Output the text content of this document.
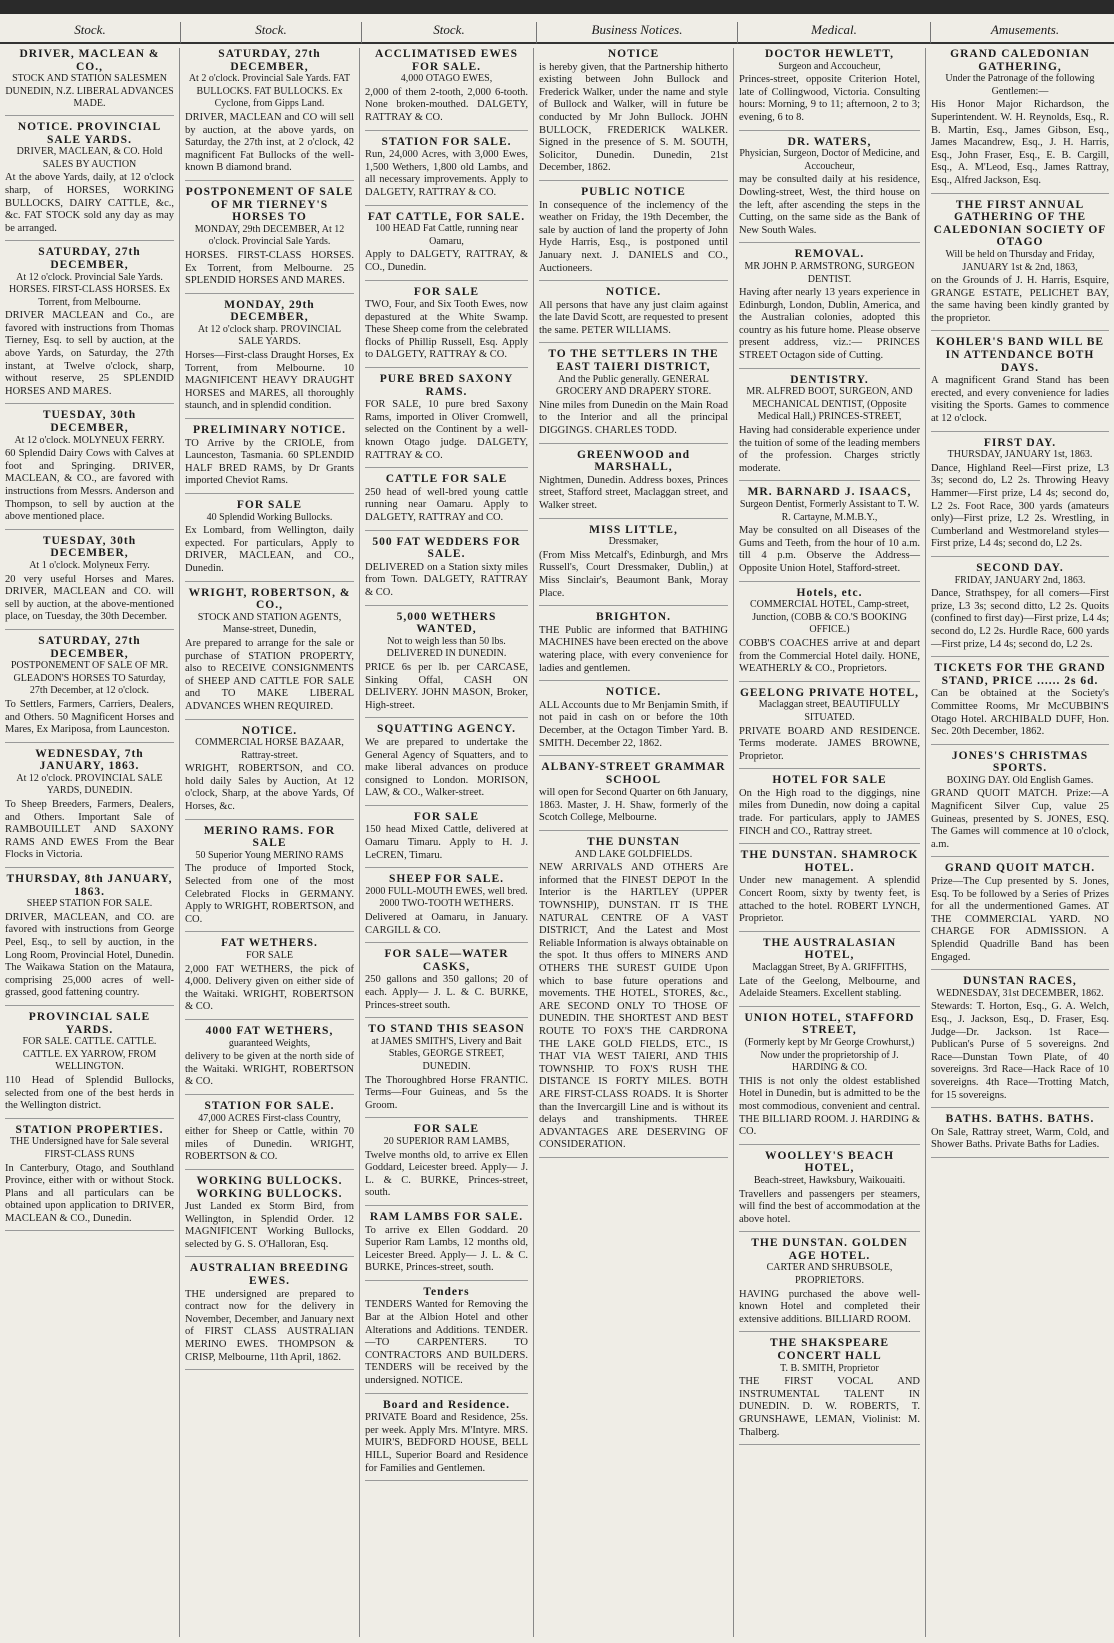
Stock.	Stock.	Stock.	Business Notices.	Medical.	Amusements.
DRIVER, MACLEAN & CO.,
STOCK AND STATION SALESMEN DUNEDIN, N.Z. LIBERAL ADVANCES MADE.
NOTICE. PROVINCIAL SALE YARDS.
DRIVER, MACLEAN, & CO. Hold SALES BY AUCTION

At the above Yards, daily, at 12 o'clock sharp, of HORSES, WORKING BULLOCKS, DAIRY CATTLE, &c., &c. FAT STOCK sold any day as may be arranged.

SATURDAY, 27th DECEMBER,
At 12 o'clock. Provincial Sale Yards. HORSES. FIRST-CLASS HORSES. Ex Torrent, from Melbourne.

DRIVER MACLEAN and Co., are favored with instructions from Thomas Tierney, Esq. to sell by auction, at the above Yards, on Saturday, the 27th instant, at Twelve o'clock, sharp, without reserve, 25 SPLENDID HORSES AND MARES.

TUESDAY, 30th DECEMBER,
At 12 o'clock. MOLYNEUX FERRY.

60 Splendid Dairy Cows with Calves at foot and Springing. DRIVER, MACLEAN, & CO., are favored with instructions from Messrs. Anderson and Thompson, to sell by auction at the above mentioned place.

TUESDAY, 30th DECEMBER,
At 1 o'clock. Molyneux Ferry.

20 very useful Horses and Mares. DRIVER, MACLEAN and CO. will sell by auction, at the above-mentioned place, on Tuesday, the 30th December.

SATURDAY, 27th DECEMBER,
POSTPONEMENT OF SALE OF MR. GLEADON'S HORSES TO Saturday, 27th December, at 12 o'clock.

To Settlers, Farmers, Carriers, Dealers, and Others. 50 Magnificent Horses and Mares, Ex Mariposa, from Launceston.

WEDNESDAY, 7th JANUARY, 1863.
At 12 o'clock. PROVINCIAL SALE YARDS, DUNEDIN.

To Sheep Breeders, Farmers, Dealers, and Others. Important Sale of RAMBOUILLET AND SAXONY RAMS AND EWES From the Bear Flocks in Victoria.

THURSDAY, 8th JANUARY, 1863.
SHEEP STATION FOR SALE.

DRIVER, MACLEAN, and CO. are favored with instructions from George Peel, Esq., to sell by auction, in the Long Room, Provincial Hotel, Dunedin. The Waikawa Station on the Mataura, comprising 25,000 acres of well-grassed, good fattening country.

PROVINCIAL SALE YARDS.
FOR SALE. CATTLE. CATTLE. CATTLE. EX YARROW, FROM WELLINGTON.

110 Head of Splendid Bullocks, selected from one of the best herds in the Wellington district.

STATION PROPERTIES.
THE Undersigned have for Sale several FIRST-CLASS RUNS

In Canterbury, Otago, and Southland Province, either with or without Stock. Plans and all particulars can be obtained upon application to DRIVER, MACLEAN & CO., Dunedin.

SATURDAY, 27th DECEMBER,
At 2 o'clock. Provincial Sale Yards. FAT BULLOCKS. FAT BULLOCKS. Ex Cyclone, from Gipps Land.

DRIVER, MACLEAN and CO will sell by auction, at the above yards, on Saturday, the 27th inst, at 2 o'clock, 42 magnificent Fat Bullocks of the well-known B diamond brand.

POSTPONEMENT OF SALE OF MR TIERNEY'S HORSES TO
MONDAY, 29th DECEMBER, At 12 o'clock. Provincial Sale Yards.

HORSES. FIRST-CLASS HORSES. Ex Torrent, from Melbourne. 25 SPLENDID HORSES AND MARES.

MONDAY, 29th DECEMBER,
At 12 o'clock sharp. PROVINCIAL SALE YARDS.

Horses—First-class Draught Horses, Ex Torrent, from Melbourne. 10 MAGNIFICENT HEAVY DRAUGHT HORSES and MARES, all thoroughly staunch, and in splendid condition.

PRELIMINARY NOTICE.

TO Arrive by the CRIOLE, from Launceston, Tasmania. 60 SPLENDID HALF BRED RAMS, by Dr Grants imported Cheviot Rams.

FOR SALE
40 Splendid Working Bullocks.

Ex Lombard, from Wellington, daily expected. For particulars, Apply to DRIVER, MACLEAN, and CO., Dunedin.

WRIGHT, ROBERTSON, & CO.,
STOCK AND STATION AGENTS, Manse-street, Dunedin,

Are prepared to arrange for the sale or purchase of STATION PROPERTY, also to RECEIVE CONSIGNMENTS of SHEEP AND CATTLE FOR SALE and TO MAKE LIBERAL ADVANCES WHEN REQUIRED.

NOTICE.
COMMERCIAL HORSE BAZAAR, Rattray-street.

WRIGHT, ROBERTSON, and CO. hold daily Sales by Auction, At 12 o'clock, Sharp, at the above Yards, Of Horses, &c.

MERINO RAMS. FOR SALE
50 Superior Young MERINO RAMS

The produce of Imported Stock, Selected from one of the most Celebrated Flocks in GERMANY. Apply to WRIGHT, ROBERTSON, and CO.

FAT WETHERS.
FOR SALE

2,000 FAT WETHERS, the pick of 4,000. Delivery given on either side of the Waitaki. WRIGHT, ROBERTSON & CO.

4000 FAT WETHERS,
guaranteed Weights,

delivery to be given at the north side of the Waitaki. WRIGHT, ROBERTSON & CO.

STATION FOR SALE.
47,000 ACRES First-class Country,

either for Sheep or Cattle, within 70 miles of Dunedin. WRIGHT, ROBERTSON & CO.

WORKING BULLOCKS. WORKING BULLOCKS.

Just Landed ex Storm Bird, from Wellington, in Splendid Order. 12 MAGNIFICENT Working Bullocks, selected by G. S. O'Halloran, Esq.

AUSTRALIAN BREEDING EWES.

THE undersigned are prepared to contract now for the delivery in November, December, and January next of FIRST CLASS AUSTRALIAN MERINO EWES. THOMPSON & CRISP, Melbourne, 11th April, 1862.

ACCLIMATISED EWES FOR SALE.
4,000 OTAGO EWES,

2,000 of them 2-tooth, 2,000 6-tooth. None broken-mouthed. DALGETY, RATTRAY & CO.

STATION FOR SALE.

Run, 24,000 Acres, with 3,000 Ewes, 1,500 Wethers, 1,800 old Lambs, and all necessary improvements. Apply to DALGETY, RATTRAY & CO.

FAT CATTLE, FOR SALE.
100 HEAD Fat Cattle, running near Oamaru,

Apply to DALGETY, RATTRAY, & CO., Dunedin.

FOR SALE

TWO, Four, and Six Tooth Ewes, now depastured at the White Swamp. These Sheep come from the celebrated flocks of Phillip Russell, Esq. Apply to DALGETY, RATTRAY & CO.

PURE BRED SAXONY RAMS.

FOR SALE, 10 pure bred Saxony Rams, imported in Oliver Cromwell, selected on the Continent by a well-known Otago judge. DALGETY, RATTRAY & CO.

CATTLE FOR SALE

250 head of well-bred young cattle running near Oamaru. Apply to DALGETY, RATTRAY and CO.

500 FAT WEDDERS FOR SALE.

DELIVERED on a Station sixty miles from Town. DALGETY, RATTRAY & CO.

5,000 WETHERS WANTED,
Not to weigh less than 50 lbs. DELIVERED IN DUNEDIN.

PRICE 6s per lb. per CARCASE, Sinking Offal, CASH ON DELIVERY. JOHN MASON, Broker, High-street.

SQUATTING AGENCY.

We are prepared to undertake the General Agency of Squatters, and to make liberal advances on produce consigned to London. MORISON, LAW, & CO., Walker-street.

FOR SALE

150 head Mixed Cattle, delivered at Oamaru Timaru. Apply to H. J. LeCREN, Timaru.

SHEEP FOR SALE.
2000 FULL-MOUTH EWES, well bred. 2000 TWO-TOOTH WETHERS.

Delivered at Oamaru, in January. CARGILL & CO.

FOR SALE—WATER CASKS,

250 gallons and 350 gallons; 20 of each. Apply— J. L. & C. BURKE, Princes-street south.

TO STAND THIS SEASON
at JAMES SMITH'S, Livery and Bait Stables, GEORGE STREET, DUNEDIN.

The Thoroughbred Horse FRANTIC. Terms—Four Guineas, and 5s the Groom.

FOR SALE
20 SUPERIOR RAM LAMBS,

Twelve months old, to arrive ex Ellen Goddard, Leicester breed. Apply— J. L. & C. BURKE, Princes-street, south.

RAM LAMBS FOR SALE.

To arrive ex Ellen Goddard. 20 Superior Ram Lambs, 12 months old, Leicester Breed. Apply— J. L. & C. BURKE, Princes-street, south.

Tenders

TENDERS Wanted for Removing the Bar at the Albion Hotel and other Alterations and Additions. TENDER.—TO CARPENTERS. TO CONTRACTORS AND BUILDERS. TENDERS will be received by the undersigned. NOTICE.

Board and Residence.

PRIVATE Board and Residence, 25s. per week. Apply Mrs. M'Intyre. MRS. MUIR'S, BEDFORD HOUSE, BELL HILL, Superior Board and Residence for Families and Gentlemen.

NOTICE

is hereby given, that the Partnership hitherto existing between John Bullock and Frederick Walker, under the name and style of Bullock and Walker, will in future be conducted by Mr John Bullock. JOHN BULLOCK, FREDERICK WALKER. Signed in the presence of S. M. SOUTH, Solicitor, Dunedin. Dunedin, 21st December, 1862.

PUBLIC NOTICE

In consequence of the inclemency of the weather on Friday, the 19th December, the sale by auction of land the property of John Hyde Harris, Esq., is postponed until January next. J. DANIELS and CO., Auctioneers.

NOTICE.

All persons that have any just claim against the late David Scott, are requested to present the same. PETER WILLIAMS.

TO THE SETTLERS IN THE EAST TAIERI DISTRICT,
And the Public generally. GENERAL GROCERY AND DRAPERY STORE.

Nine miles from Dunedin on the Main Road to the Interior and all the principal DIGGINGS. CHARLES TODD.

GREENWOOD and MARSHALL,

Nightmen, Dunedin. Address boxes, Princes street, Stafford street, Maclaggan street, and Walker street.

MISS LITTLE,
Dressmaker,

(From Miss Metcalf's, Edinburgh, and Mrs Russell's, Court Dressmaker, Dublin,) at Miss Sinclair's, Beaumont Bank, Moray Place.

BRIGHTON.

THE Public are informed that BATHING MACHINES have been erected on the above watering place, with every convenience for ladies and gentlemen.

NOTICE.

ALL Accounts due to Mr Benjamin Smith, if not paid in cash on or before the 10th December, at the Octagon Timber Yard. B. SMITH. December 22, 1862.

ALBANY-STREET GRAMMAR SCHOOL

will open for Second Quarter on 6th January, 1863. Master, J. H. Shaw, formerly of the Scotch College, Melbourne.

THE DUNSTAN
AND LAKE GOLDFIELDS.

NEW ARRIVALS AND OTHERS Are informed that the FINEST DEPOT In the Interior is the HARTLEY (UPPER TOWNSHIP), DUNSTAN. IT IS THE NATURAL CENTRE OF A VAST DISTRICT, And the Latest and Most Reliable Information is always obtainable on the spot. It thus offers to MINERS AND OTHERS THE SUREST GUIDE Upon which to base future operations and movements. THE HOTEL, STORES, &c., ARE SECOND ONLY TO THOSE OF DUNEDIN. THE SHORTEST AND BEST ROUTE TO FOX'S THE CARDRONA THE LAKE GOLD FIELDS, ETC., IS THAT VIA WEST TAIERI, AND THIS TOWNSHIP. TO FOX'S RUSH THE DISTANCE IS FORTY MILES. BOTH ARE FIRST-CLASS ROADS. It is Shorter than the Invercargill Line and is without its delays and transhipments. THREE ADVANTAGES ARE DESERVING OF CONSIDERATION.

DOCTOR HEWLETT,
Surgeon and Accoucheur,

Princes-street, opposite Criterion Hotel, late of Collingwood, Victoria. Consulting hours: Morning, 9 to 11; afternoon, 2 to 3; evening, 6 to 8.

DR. WATERS,
Physician, Surgeon, Doctor of Medicine, and Accoucheur,

may be consulted daily at his residence, Dowling-street, West, the third house on the left, after ascending the steps in the Cutting, on the same side as the Bank of New South Wales.

REMOVAL.
MR JOHN P. ARMSTRONG, SURGEON DENTIST.

Having after nearly 13 years experience in Edinburgh, London, Dublin, America, and the Australian colonies, adopted this country as his future home. Please observe present address, viz.:— PRINCES STREET Octagon side of Cutting.

DENTISTRY.
MR. ALFRED BOOT, SURGEON, AND MECHANICAL DENTIST, (Opposite Medical Hall,) PRINCES-STREET,

Having had considerable experience under the tuition of some of the leading members of the profession. Charges strictly moderate.

MR. BARNARD J. ISAACS,
Surgeon Dentist, Formerly Assistant to T. W. R. Cartayne, M.M.B.Y.,

May be consulted on all Diseases of the Gums and Teeth, from the hour of 10 a.m. till 4 p.m. Observe the Address— Opposite Union Hotel, Stafford-street.

Hotels, etc.
COMMERCIAL HOTEL, Camp-street, Junction, (COBB & CO.'S BOOKING OFFICE.)

COBB'S COACHES arrive at and depart from the Commercial Hotel daily. HONE, WEATHERLY & CO., Proprietors.

GEELONG PRIVATE HOTEL,
Maclaggan street, BEAUTIFULLY SITUATED.

PRIVATE BOARD AND RESIDENCE. Terms moderate. JAMES BROWNE, Proprietor.

HOTEL FOR SALE

On the High road to the diggings, nine miles from Dunedin, now doing a capital trade. For particulars, apply to JAMES FINCH and CO., Rattray street.

THE DUNSTAN. SHAMROCK HOTEL.

Under new management. A splendid Concert Room, sixty by twenty feet, is attached to the hotel. ROBERT LYNCH, Proprietor.

THE AUSTRALASIAN HOTEL,
Maclaggan Street, By A. GRIFFITHS,

Late of the Geelong, Melbourne, and Adelaide Steamers. Excellent stabling.

UNION HOTEL, STAFFORD STREET,
(Formerly kept by Mr George Crowhurst,) Now under the proprietorship of J. HARDING & CO.

THIS is not only the oldest established Hotel in Dunedin, but is admitted to be the most commodious, convenient and central. THE BILLIARD ROOM. J. HARDING & CO.

WOOLLEY'S BEACH HOTEL,
Beach-street, Hawksbury, Waikouaiti.

Travellers and passengers per steamers, will find the best of accommodation at the above hotel.

THE DUNSTAN. GOLDEN AGE HOTEL.
CARTER AND SHRUBSOLE, PROPRIETORS.

HAVING purchased the above well-known Hotel and completed their extensive additions. BILLIARD ROOM.

THE SHAKSPEARE CONCERT HALL
T. B. SMITH, Proprietor

THE FIRST VOCAL AND INSTRUMENTAL TALENT IN DUNEDIN. D. W. ROBERTS, T. GRUNSHAWE, LEMAN, Violinist: M. Thalberg.

GRAND CALEDONIAN GATHERING,
Under the Patronage of the following Gentlemen:—

His Honor Major Richardson, the Superintendent. W. H. Reynolds, Esq., R. B. Martin, Esq., James Gibson, Esq., James Macandrew, Esq., J. H. Harris, Esq., John Fraser, Esq., E. B. Cargill, Esq., A. M'Leod, Esq., James Rattray, Esq., Alfred Jackson, Esq.

THE FIRST ANNUAL GATHERING OF THE CALEDONIAN SOCIETY OF OTAGO
Will be held on Thursday and Friday, JANUARY 1st & 2nd, 1863,

on the Grounds of J. H. Harris, Esquire, GRANGE ESTATE, PELICHET BAY, the same having been kindly granted by the proprietor.

KOHLER'S BAND WILL BE IN ATTENDANCE BOTH DAYS.

A magnificent Grand Stand has been erected, and every convenience for ladies visiting the Sports. Games to commence at 12 o'clock.

FIRST DAY.
THURSDAY, JANUARY 1st, 1863.

Dance, Highland Reel—First prize, L3 3s; second do, L2 2s. Throwing Heavy Hammer—First prize, L4 4s; second do, L2 2s. Foot Race, 300 yards (amateurs only)—First prize, L2 2s. Wrestling, in Cumberland and Westmoreland styles—First prize, L4 4s; second do, L2 2s.

SECOND DAY.
FRIDAY, JANUARY 2nd, 1863.

Dance, Strathspey, for all comers—First prize, L3 3s; second ditto, L2 2s. Quoits (confined to first day)—First prize, L4 4s; second do, L2 2s. Hurdle Race, 600 yards—First prize, L4 4s; second do, L2 2s.

TICKETS FOR THE GRAND STAND, PRICE ...... 2s 6d.

Can be obtained at the Society's Committee Rooms, Mr McCUBBIN'S Otago Hotel. ARCHIBALD DUFF, Hon. Sec. 20th December, 1862.

JONES'S CHRISTMAS SPORTS.
BOXING DAY. Old English Games.

GRAND QUOIT MATCH. Prize:—A Magnificent Silver Cup, value 25 Guineas, presented by S. JONES, ESQ. The Games will commence at 10 o'clock, a.m.

GRAND QUOIT MATCH.

Prize—The Cup presented by S. Jones, Esq. To be followed by a Series of Prizes for all the undermentioned Games. AT THE COMMERCIAL YARD. NO CHARGE FOR ADMISSION. A Splendid Quadrille Band has been Engaged.

DUNSTAN RACES,
WEDNESDAY, 31st DECEMBER, 1862.

Stewards: T. Horton, Esq., G. A. Welch, Esq., J. Jackson, Esq., D. Fraser, Esq. Judge—Dr. Jackson. 1st Race—Publican's Purse of 5 sovereigns. 2nd Race—Dunstan Town Plate, of 40 sovereigns. 3rd Race—Hack Race of 10 sovereigns. 4th Race—Trotting Match, for 15 sovereigns.

BATHS. BATHS. BATHS.

On Sale, Rattray street, Warm, Cold, and Shower Baths. Private Baths for Ladies.
